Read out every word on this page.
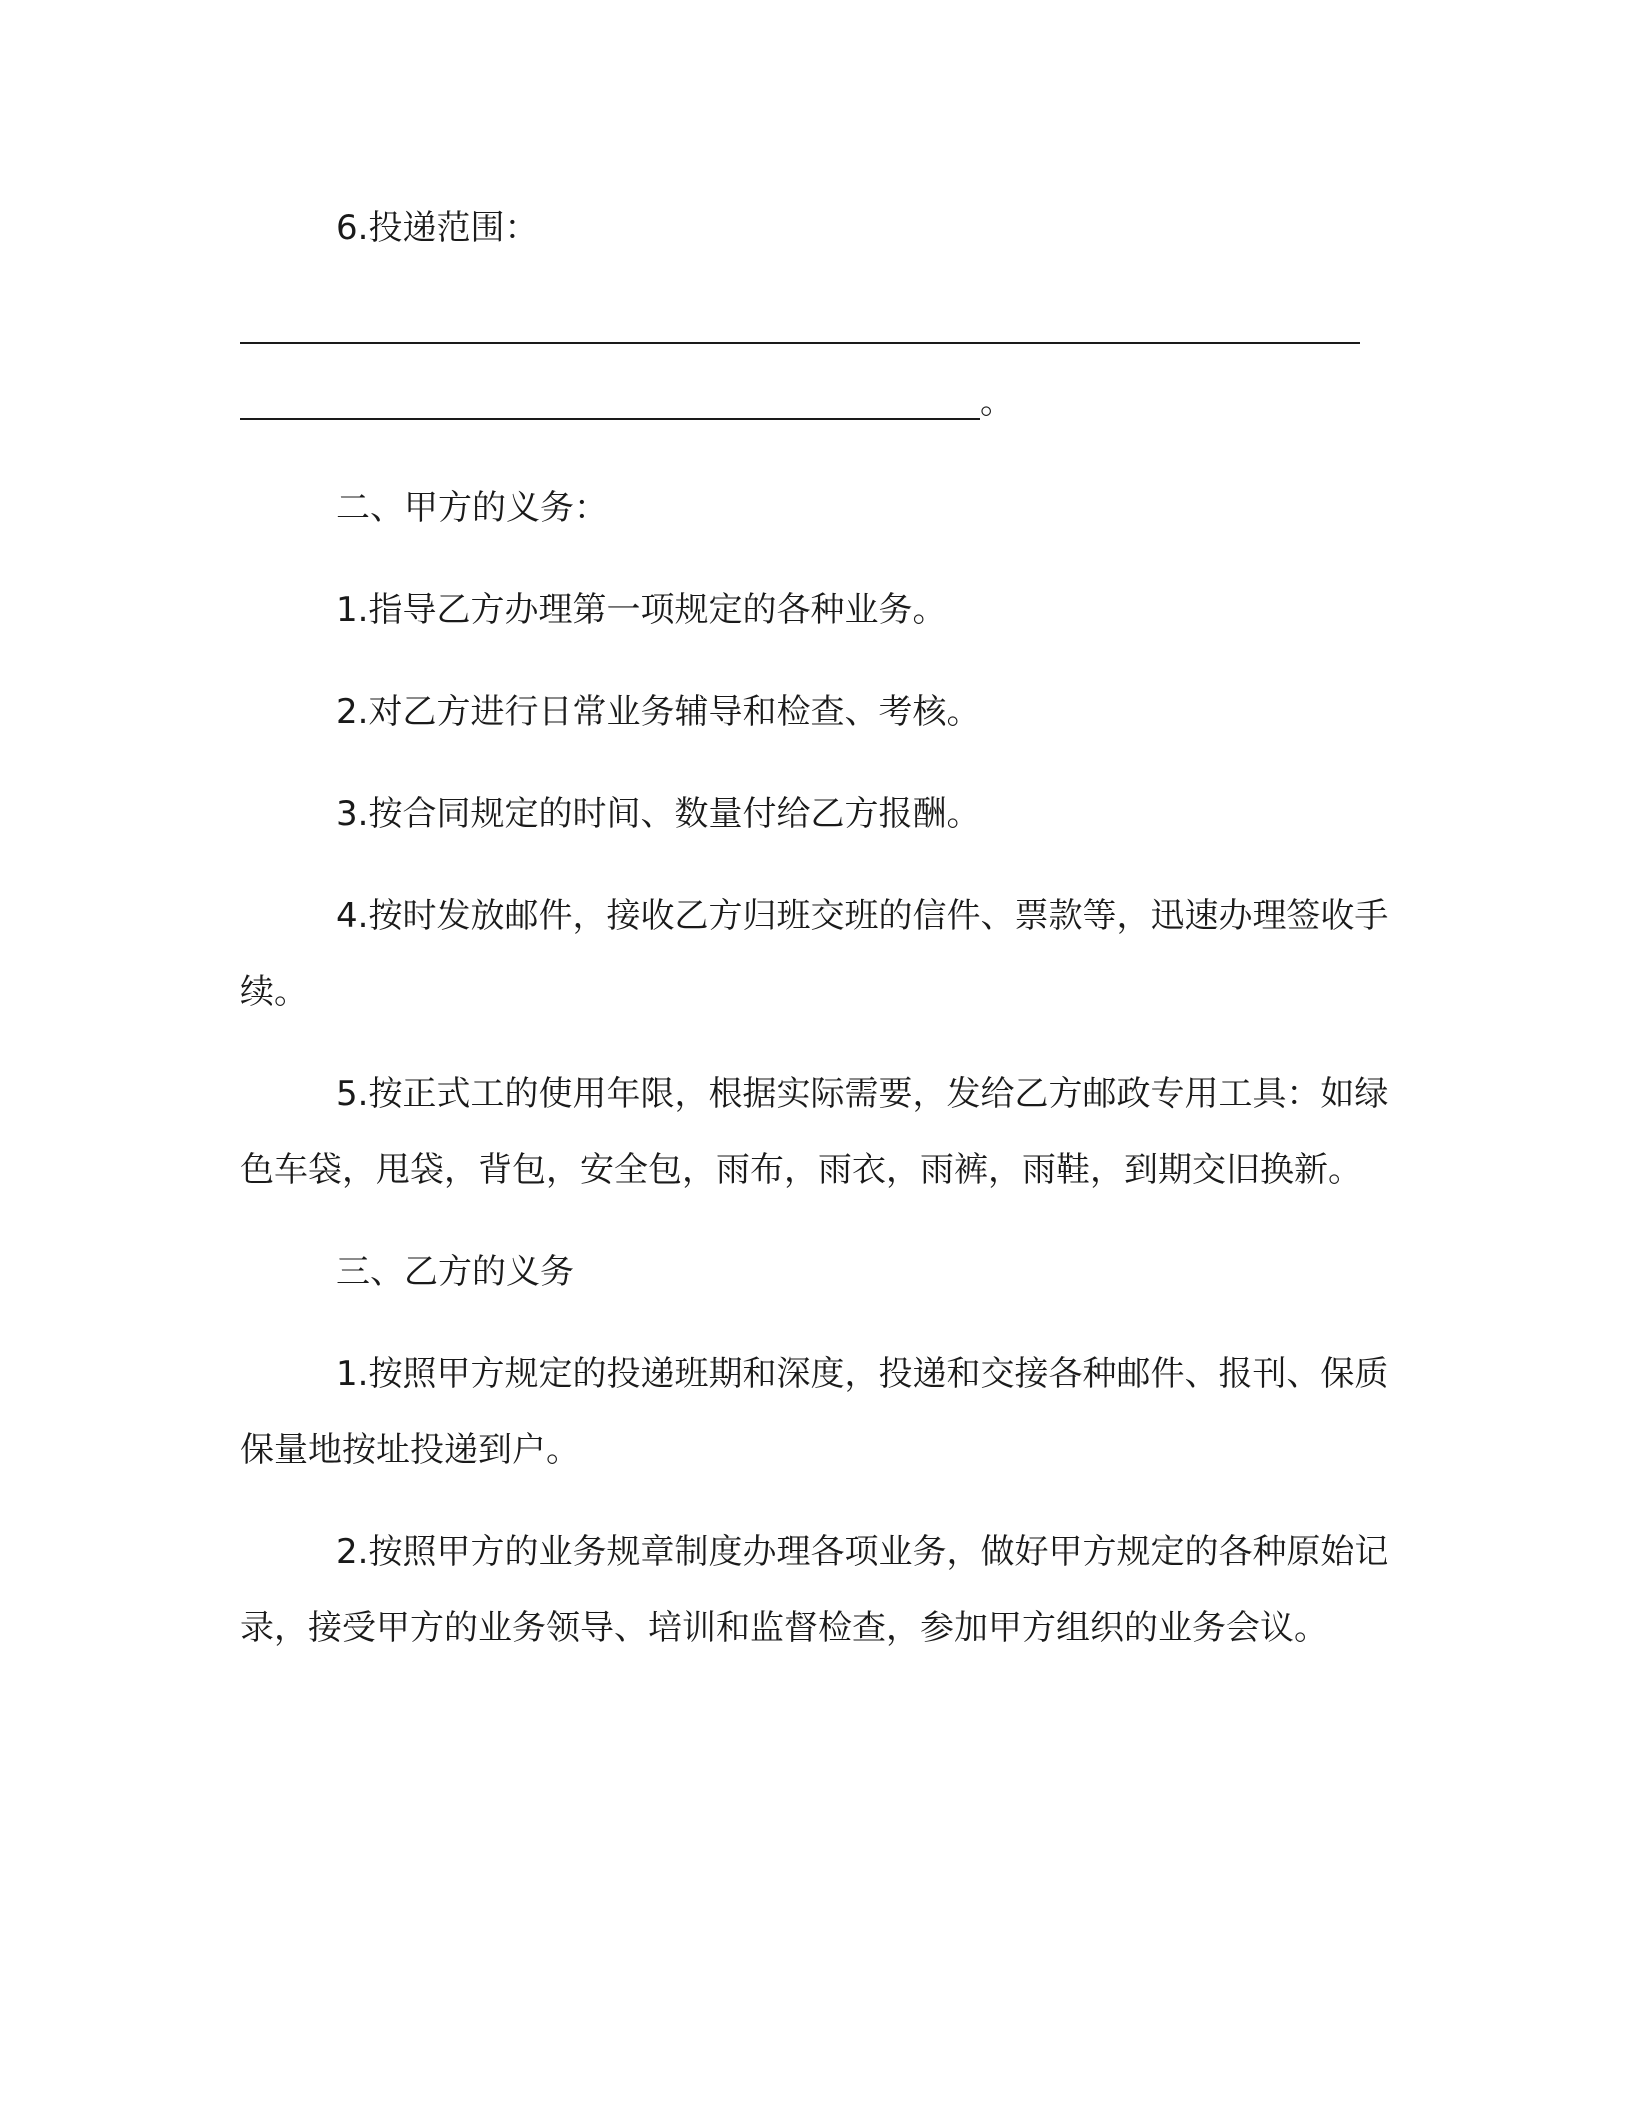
6.投递范围：

。

二、甲方的义务：

1.指导乙方办理第一项规定的各种业务。

2.对乙方进行日常业务辅导和检查、考核。

3.按合同规定的时间、数量付给乙方报酬。

4.按时发放邮件，接收乙方归班交班的信件、票款等，迅速办理签收手续。

5.按正式工的使用年限，根据实际需要，发给乙方邮政专用工具：如绿色车袋，甩袋，背包，安全包，雨布，雨衣，雨裤，雨鞋，到期交旧换新。

三、乙方的义务

1.按照甲方规定的投递班期和深度，投递和交接各种邮件、报刊、保质保量地按址投递到户。

2.按照甲方的业务规章制度办理各项业务，做好甲方规定的各种原始记录，接受甲方的业务领导、培训和监督检查，参加甲方组织的业务会议。
